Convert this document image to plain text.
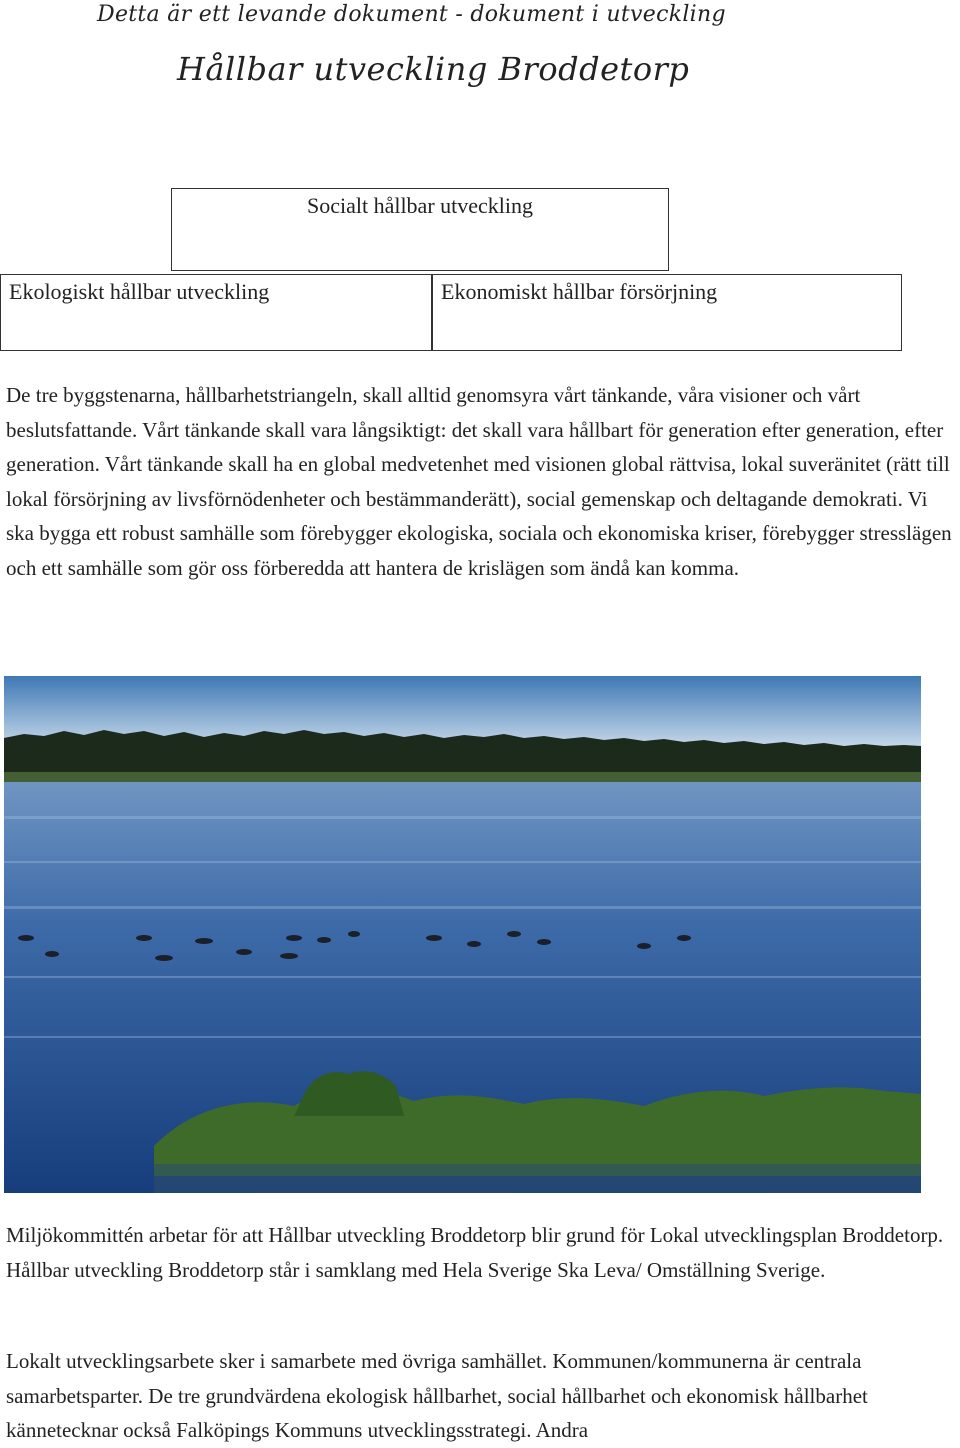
Detta är ett levande dokument - dokument i utveckling
Hållbar utveckling Broddetorp
Socialt hållbar utveckling
Ekologiskt hållbar utveckling	Ekonomiskt hållbar försörjning

De tre byggstenarna, hållbarhetstriangeln, skall alltid genomsyra vårt tänkande, våra visioner och vårt beslutsfattande. Vårt tänkande skall vara långsiktigt: det skall vara hållbart för generation efter generation, efter generation. Vårt tänkande skall ha en global medvetenhet med visionen global rättvisa, lokal suveränitet (rätt till lokal försörjning av livsförnödenheter och bestämmanderätt), social gemenskap och deltagande demokrati. Vi ska bygga ett robust samhälle som förebygger ekologiska, sociala och ekonomiska kriser, förebygger stresslägen och ett samhälle som gör oss förberedda att hantera de krislägen som ändå kan komma.

Miljökommittén arbetar för att Hållbar utveckling Broddetorp blir grund för Lokal utvecklingsplan Broddetorp. Hållbar utveckling Broddetorp står i samklang med Hela Sverige Ska Leva/ Omställning Sverige.

Lokalt utvecklingsarbete sker i samarbete med övriga samhället. Kommunen/kommunerna är centrala samarbetsparter. De tre grundvärdena ekologisk hållbarhet, social hållbarhet och ekonomisk hållbarhet kännetecknar också Falköpings Kommuns utvecklingsstrategi. Andra
